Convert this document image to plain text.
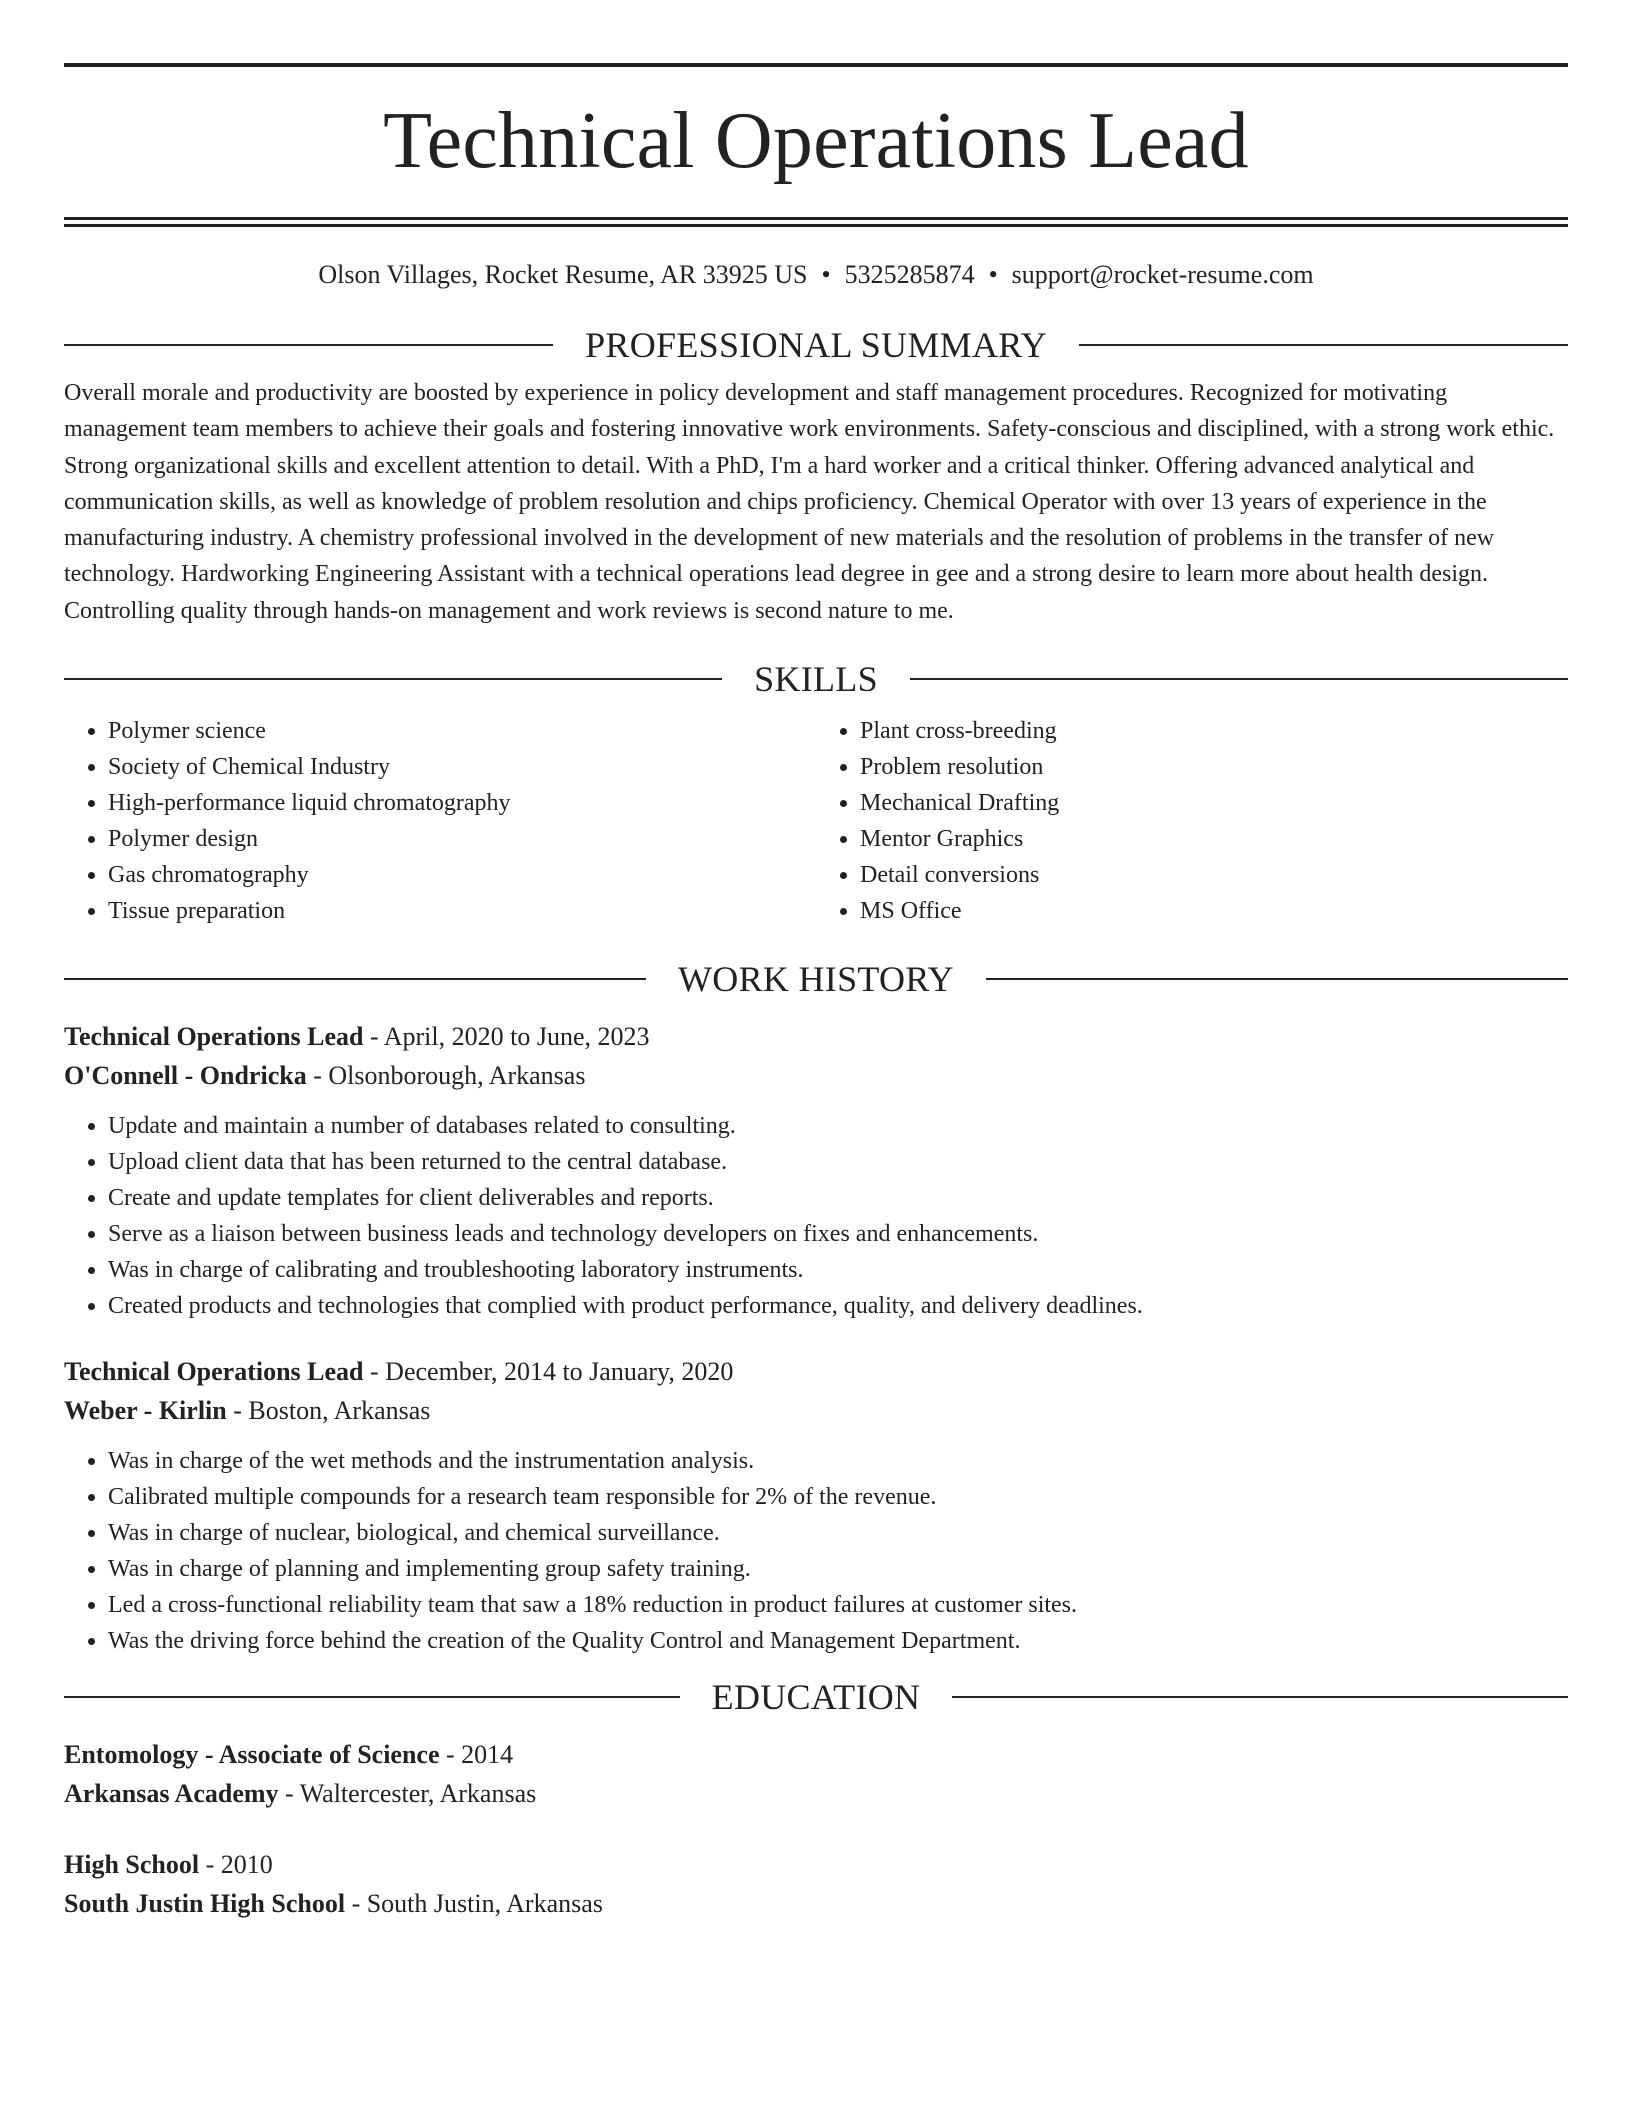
Technical Operations Lead
Olson Villages, Rocket Resume, AR 33925 US • 5325285874 • support@rocket-resume.com
PROFESSIONAL SUMMARY
Overall morale and productivity are boosted by experience in policy development and staff management procedures. Recognized for motivating management team members to achieve their goals and fostering innovative work environments. Safety-conscious and disciplined, with a strong work ethic. Strong organizational skills and excellent attention to detail. With a PhD, I'm a hard worker and a critical thinker. Offering advanced analytical and communication skills, as well as knowledge of problem resolution and chips proficiency. Chemical Operator with over 13 years of experience in the manufacturing industry. A chemistry professional involved in the development of new materials and the resolution of problems in the transfer of new technology. Hardworking Engineering Assistant with a technical operations lead degree in gee and a strong desire to learn more about health design. Controlling quality through hands-on management and work reviews is second nature to me.
SKILLS
• Polymer science
• Society of Chemical Industry
• High-performance liquid chromatography
• Polymer design
• Gas chromatography
• Tissue preparation
• Plant cross-breeding
• Problem resolution
• Mechanical Drafting
• Mentor Graphics
• Detail conversions
• MS Office
WORK HISTORY
Technical Operations Lead - April, 2020 to June, 2023
O'Connell - Ondricka - Olsonborough, Arkansas
• Update and maintain a number of databases related to consulting.
• Upload client data that has been returned to the central database.
• Create and update templates for client deliverables and reports.
• Serve as a liaison between business leads and technology developers on fixes and enhancements.
• Was in charge of calibrating and troubleshooting laboratory instruments.
• Created products and technologies that complied with product performance, quality, and delivery deadlines.
Technical Operations Lead - December, 2014 to January, 2020
Weber - Kirlin - Boston, Arkansas
• Was in charge of the wet methods and the instrumentation analysis.
• Calibrated multiple compounds for a research team responsible for 2% of the revenue.
• Was in charge of nuclear, biological, and chemical surveillance.
• Was in charge of planning and implementing group safety training.
• Led a cross-functional reliability team that saw a 18% reduction in product failures at customer sites.
• Was the driving force behind the creation of the Quality Control and Management Department.
EDUCATION
Entomology - Associate of Science - 2014
Arkansas Academy - Waltercester, Arkansas
High School - 2010
South Justin High School - South Justin, Arkansas
